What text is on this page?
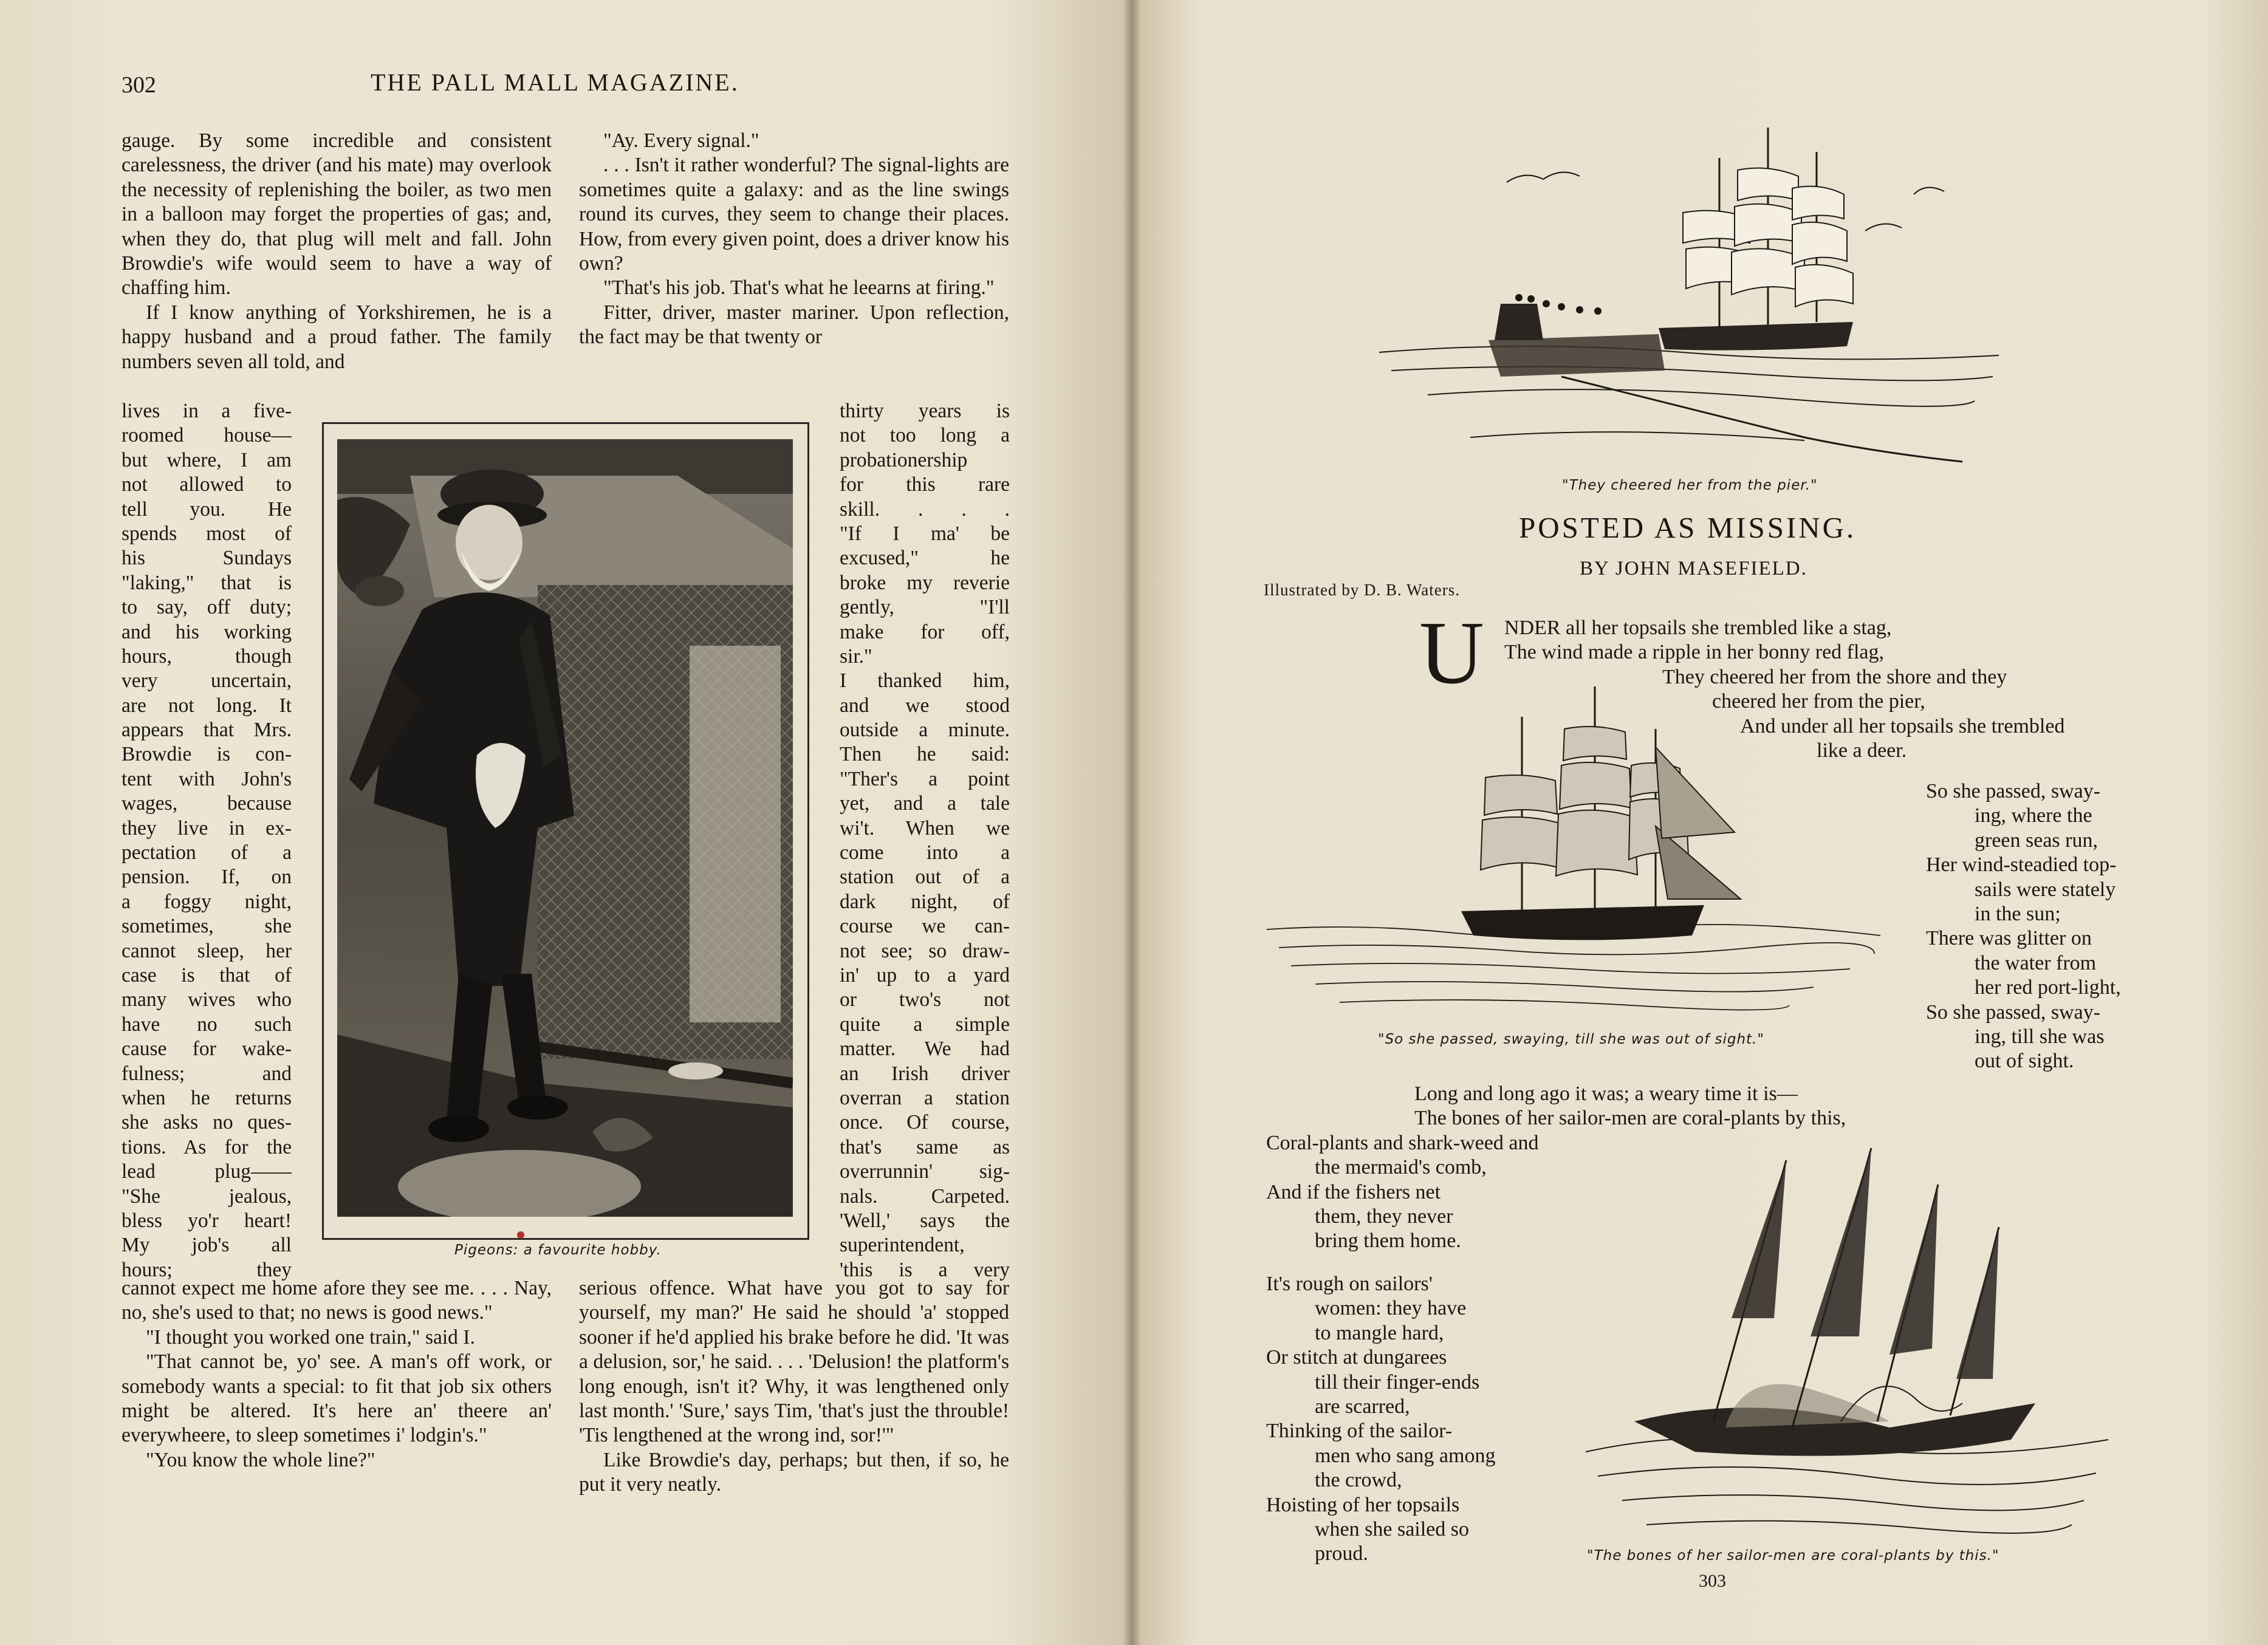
302	THE PALL MALL MAGAZINE.

gauge. By some incredible and consistent carelessness, the driver (and his mate) may overlook the necessity of replenishing the boiler, as two men in a balloon may forget the properties of gas; and, when they do, that plug will melt and fall. John Browdie's wife would seem to have a way of chaffing him.

If I know anything of Yorkshiremen, he is a happy husband and a proud father. The family numbers seven all told, and

lives in a five-
roomed house—
but where, I am
not allowed to
tell you. He
spends most of
his Sundays
"laking," that is
to say, off duty;
and his working
hours, though
very uncertain,
are not long. It
appears that Mrs.
Browdie is con-
tent with John's
wages, because
they live in ex-
pectation of a
pension. If, on
a foggy night,
sometimes, she
cannot sleep, her
case is that of
many wives who
have no such
cause for wake-
fulness; and
when he returns
she asks no ques-
tions. As for the
lead plug——
"She jealous,
bless yo'r heart!
My job's all
hours; they

cannot expect me home afore they see me. . . . Nay, no, she's used to that; no news is good news."

"I thought you worked one train," said I.

"That cannot be, yo' see. A man's off work, or somebody wants a special: to fit that job six others might be altered. It's here an' theere an' everywheere, to sleep sometimes i' lodgin's."

"You know the whole line?"

"Ay. Every signal."

. . . Isn't it rather wonderful? The signal-lights are sometimes quite a galaxy: and as the line swings round its curves, they seem to change their places. How, from every given point, does a driver know his own?

"That's his job. That's what he leearns at firing."

Fitter, driver, master mariner. Upon reflection, the fact may be that twenty or

thirty years is
not too long a
probationership
for this rare
skill. . . .
"If I ma' be
excused," he
broke my reverie
gently, "I'll
make for off,
sir."
I thanked him,
and we stood
outside a minute.
Then he said:
"Ther's a point
yet, and a tale
wi't. When we
come into a
station out of a
dark night, of
course we can-
not see; so draw-
in' up to a yard
or two's not
quite a simple
matter. We had
an Irish driver
overran a station
once. Of course,
that's same as
overrunnin' sig-
nals. Carpeted.
'Well,' says the
superintendent,
'this is a very

serious offence. What have you got to say for yourself, my man?' He said he should 'a' stopped sooner if he'd applied his brake before he did. 'It was a delusion, sor,' he said. . . . 'Delusion! the platform's long enough, isn't it? Why, it was lengthened only last month.' 'Sure,' says Tim, 'that's just the throuble! 'Tis lengthened at the wrong ind, sor!'"

Like Browdie's day, perhaps; but then, if so, he put it very neatly.

Pigeons: a favourite hobby.
"They cheered her from the pier."
POSTED AS MISSING.
BY JOHN MASEFIELD.
Illustrated by D. B. Waters.
U NDER all her topsails she trembled like a stag,
The wind made a ripple in her bonny red flag,
They cheered her from the shore and they
cheered her from the pier,
And under all her topsails she trembled
like a deer.
"So she passed, swaying, till she was out of sight."
So she passed, sway-
ing, where the
green seas run,
Her wind-steadied top-
sails were stately
in the sun;
There was glitter on
the water from
her red port-light,
So she passed, sway-
ing, till she was
out of sight.
Long and long ago it was; a weary time it is—
The bones of her sailor-men are coral-plants by this,
Coral-plants and shark-weed and
the mermaid's comb,
And if the fishers net
them, they never
bring them home.
It's rough on sailors'
women: they have
to mangle hard,
Or stitch at dungarees
till their finger-ends
are scarred,
Thinking of the sailor-
men who sang among
the crowd,
Hoisting of her topsails
when she sailed so
proud.	"The bones of her sailor-men are coral-plants by this."
303
